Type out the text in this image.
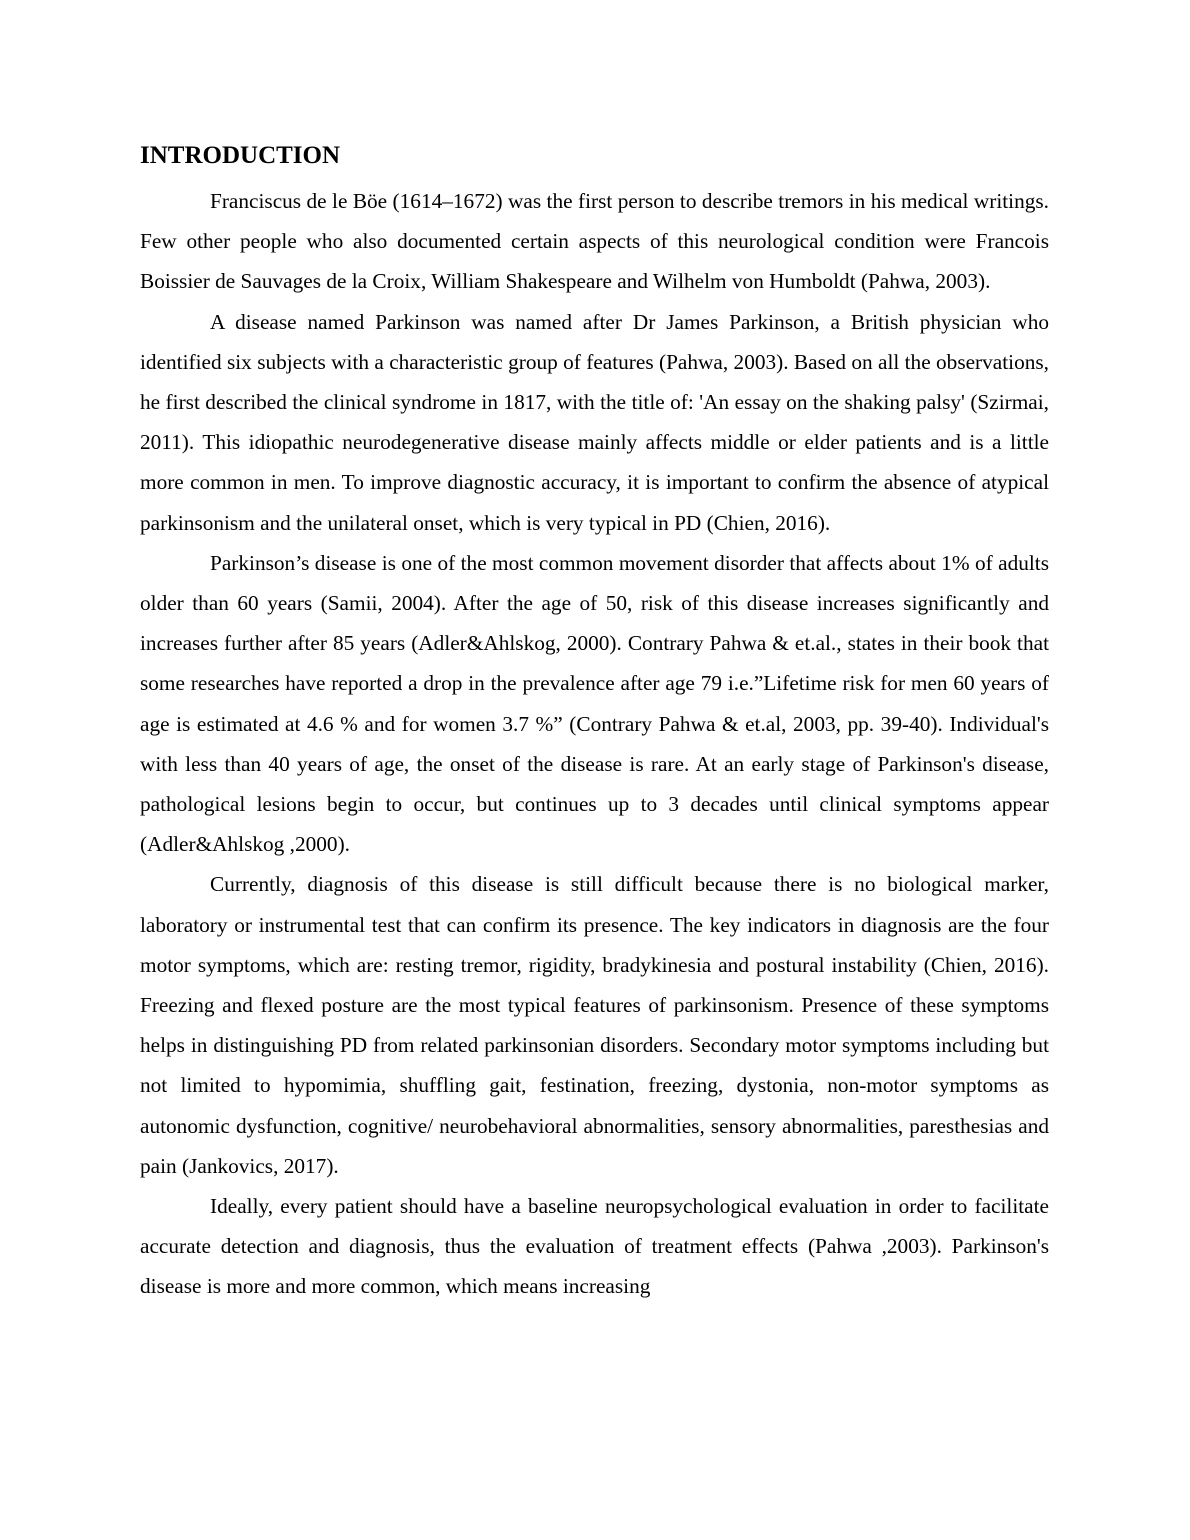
INTRODUCTION

Franciscus de le Böe (1614–1672) was the first person to describe tremors in his medical writings. Few other people who also documented certain aspects of this neurological condition were Francois Boissier de Sauvages de la Croix, William Shakespeare and Wilhelm von Humboldt (Pahwa, 2003).

A disease named Parkinson was named after Dr James Parkinson, a British physician who identified six subjects with a characteristic group of features (Pahwa, 2003). Based on all the observations, he first described the clinical syndrome in 1817, with the title of: 'An essay on the shaking palsy' (Szirmai, 2011). This idiopathic neurodegenerative disease mainly affects middle or elder patients and is a little more common in men. To improve diagnostic accuracy, it is important to confirm the absence of atypical parkinsonism and the unilateral onset, which is very typical in PD (Chien, 2016).

Parkinson’s disease is one of the most common movement disorder that affects about 1% of adults older than 60 years (Samii, 2004). After the age of 50, risk of this disease increases significantly and increases further after 85 years (Adler&Ahlskog, 2000). Contrary Pahwa & et.al., states in their book that some researches have reported a drop in the prevalence after age 79 i.e.”Lifetime risk for men 60 years of age is estimated at 4.6 % and for women 3.7 %” (Contrary Pahwa & et.al, 2003, pp. 39-40). Individual's with less than 40 years of age, the onset of the disease is rare. At an early stage of Parkinson's disease, pathological lesions begin to occur, but continues up to 3 decades until clinical symptoms appear (Adler&Ahlskog ,2000).

Currently, diagnosis of this disease is still difficult because there is no biological marker, laboratory or instrumental test that can confirm its presence. The key indicators in diagnosis are the four motor symptoms, which are: resting tremor, rigidity, bradykinesia and postural instability (Chien, 2016). Freezing and flexed posture are the most typical features of parkinsonism. Presence of these symptoms helps in distinguishing PD from related parkinsonian disorders. Secondary motor symptoms including but not limited to hypomimia, shuffling gait, festination, freezing, dystonia, non-motor symptoms as autonomic dysfunction, cognitive/ neurobehavioral abnormalities, sensory abnormalities, paresthesias and pain (Jankovics, 2017).

Ideally, every patient should have a baseline neuropsychological evaluation in order to facilitate accurate detection and diagnosis, thus the evaluation of treatment effects (Pahwa ,2003). Parkinson's disease is more and more common, which means increasing
